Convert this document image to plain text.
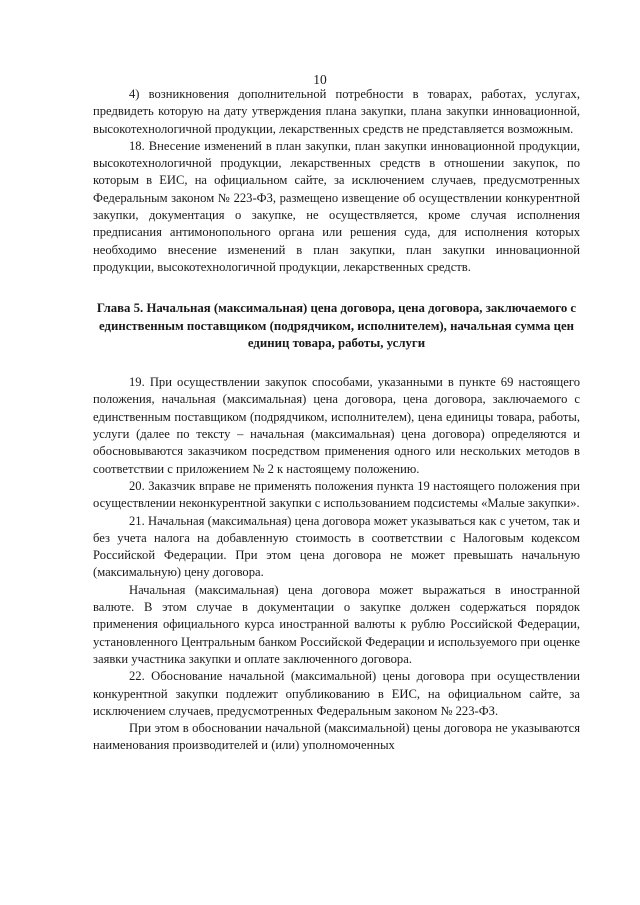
10

4) возникновения дополнительной потребности в товарах, работах, услугах, предвидеть которую на дату утверждения плана закупки, плана закупки инновационной, высокотехнологичной продукции, лекарственных средств не представляется возможным.

18. Внесение изменений в план закупки, план закупки инновационной продукции, высокотехнологичной продукции, лекарственных средств в отношении закупок, по которым в ЕИС, на официальном сайте, за исключением случаев, предусмотренных Федеральным законом № 223-ФЗ, размещено извещение об осуществлении конкурентной закупки, документация о закупке, не осуществляется, кроме случая исполнения предписания антимонопольного органа или решения суда, для исполнения которых необходимо внесение изменений в план закупки, план закупки инновационной продукции, высокотехнологичной продукции, лекарственных средств.

Глава 5. Начальная (максимальная) цена договора, цена договора, заключаемого с единственным поставщиком (подрядчиком, исполнителем), начальная сумма цен единиц товара, работы, услуги

19. При осуществлении закупок способами, указанными в пункте 69 настоящего положения, начальная (максимальная) цена договора, цена договора, заключаемого с единственным поставщиком (подрядчиком, исполнителем), цена единицы товара, работы, услуги (далее по тексту – начальная (максимальная) цена договора) определяются и обосновываются заказчиком посредством применения одного или нескольких методов в соответствии с приложением № 2 к настоящему положению.

20. Заказчик вправе не применять положения пункта 19 настоящего положения при осуществлении неконкурентной закупки с использованием подсистемы «Малые закупки».

21. Начальная (максимальная) цена договора может указываться как с учетом, так и без учета налога на добавленную стоимость в соответствии с Налоговым кодексом Российской Федерации. При этом цена договора не может превышать начальную (максимальную) цену договора.

Начальная (максимальная) цена договора может выражаться в иностранной валюте. В этом случае в документации о закупке должен содержаться порядок применения официального курса иностранной валюты к рублю Российской Федерации, установленного Центральным банком Российской Федерации и используемого при оценке заявки участника закупки и оплате заключенного договора.

22. Обоснование начальной (максимальной) цены договора при осуществлении конкурентной закупки подлежит опубликованию в ЕИС, на официальном сайте, за исключением случаев, предусмотренных Федеральным законом № 223-ФЗ.

При этом в обосновании начальной (максимальной) цены договора не указываются наименования производителей и (или) уполномоченных
